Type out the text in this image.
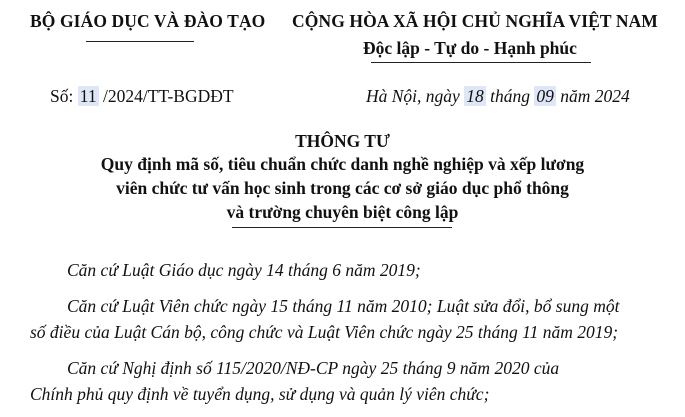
BỘ GIÁO DỤC VÀ ĐÀO TẠO CỘNG HÒA XÃ HỘI CHỦ NGHĨA VIỆT NAM
Độc lập - Tự do - Hạnh phúc
Số: 11 /2024/TT-BGDĐT	Hà Nội, ngày 18 tháng 09 năm 2024
THÔNG TƯ
Quy định mã số, tiêu chuẩn chức danh nghề nghiệp và xếp lương
viên chức tư vấn học sinh trong các cơ sở giáo dục phổ thông
và trường chuyên biệt công lập
Căn cứ Luật Giáo dục ngày 14 tháng 6 năm 2019;
Căn cứ Luật Viên chức ngày 15 tháng 11 năm 2010; Luật sửa đổi, bổ sung một
số điều của Luật Cán bộ, công chức và Luật Viên chức ngày 25 tháng 11 năm 2019;
Căn cứ Nghị định số 115/2020/NĐ-CP ngày 25 tháng 9 năm 2020 của
Chính phủ quy định về tuyển dụng, sử dụng và quản lý viên chức;
